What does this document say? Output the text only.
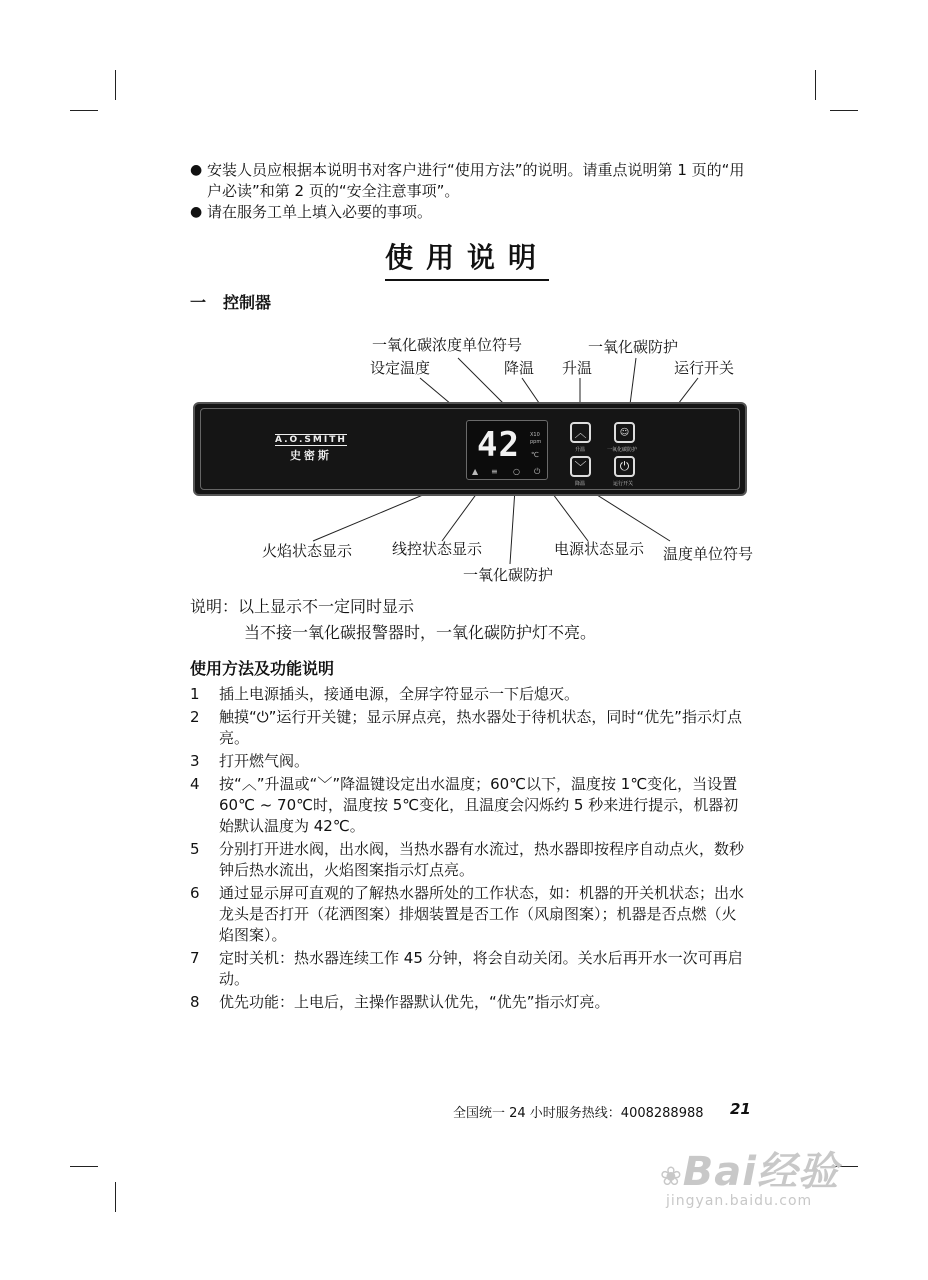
● 安装人员应根据本说明书对客户进行“使用方法”的说明。请重点说明第 1 页的“用户必读”和第 2 页的“安全注意事项”。
● 请在服务工单上填入必要的事项。
使用说明
一 控制器
一氧化碳浓度单位符号
设定温度	降温 升温
一氧化碳防护
运行开关
A.O.SMITH
史密斯	42 X10
ppm
℃
▲ ≡ ○ ⏻
︿
升温
﹀
降温
☺
一氧化碳防护
⏻
运行开关
火焰状态显示	线控状态显示
一氧化碳防护
电源状态显示 温度单位符号
说明：以上显示不一定同时显示
当不接一氧化碳报警器时，一氧化碳防护灯不亮。
使用方法及功能说明
1	插上电源插头，接通电源，全屏字符显示一下后熄灭。
2	触摸“⏻”运行开关键；显示屏点亮，热水器处于待机状态，同时“优先”指示灯点亮。
3	打开燃气阀。
4	按“︿”升温或“﹀”降温键设定出水温度；60℃以下，温度按 1℃变化，当设置 60℃ ~ 70℃时，温度按 5℃变化，且温度会闪烁约 5 秒来进行提示，机器初始默认温度为 42℃。
5	分别打开进水阀，出水阀，当热水器有水流过，热水器即按程序自动点火，数秒钟后热水流出，火焰图案指示灯点亮。
6	通过显示屏可直观的了解热水器所处的工作状态，如：机器的开关机状态；出水龙头是否打开（花洒图案）排烟装置是否工作（风扇图案）；机器是否点燃（火焰图案）。
7	定时关机：热水器连续工作 45 分钟，将会自动关闭。关水后再开水一次可再启动。
8	优先功能：上电后，主操作器默认优先，“优先”指示灯亮。
全国统一 24 小时服务热线：4008288988 21
❀Bai经验
jingyan.baidu.com
